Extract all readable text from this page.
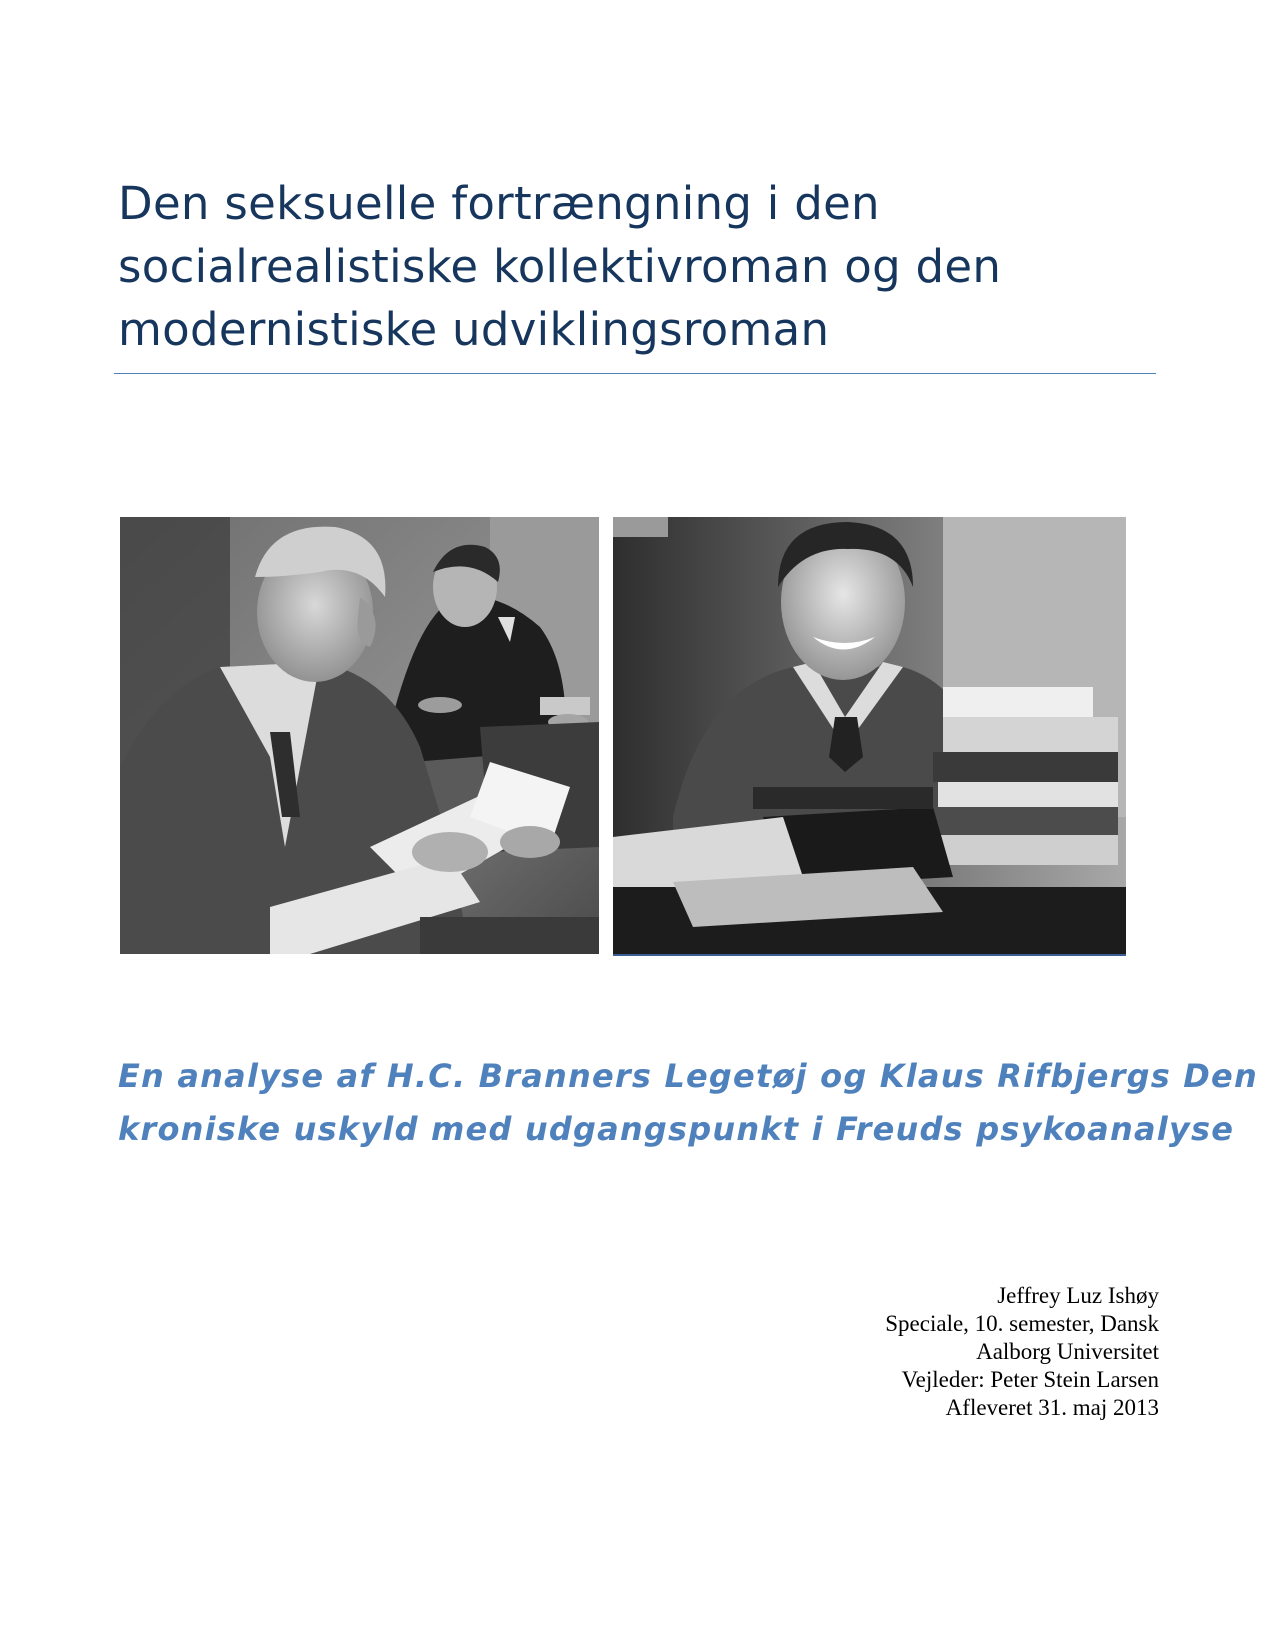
Den seksuelle fortrængning i den
socialrealistiske kollektivroman og den
modernistiske udviklingsroman
En analyse af H.C. Branners Legetøj og Klaus Rifbjergs Den
kroniske uskyld med udgangspunkt i Freuds psykoanalyse
Jeffrey Luz Ishøy
Speciale, 10. semester, Dansk
Aalborg Universitet
Vejleder: Peter Stein Larsen
Afleveret 31. maj 2013
